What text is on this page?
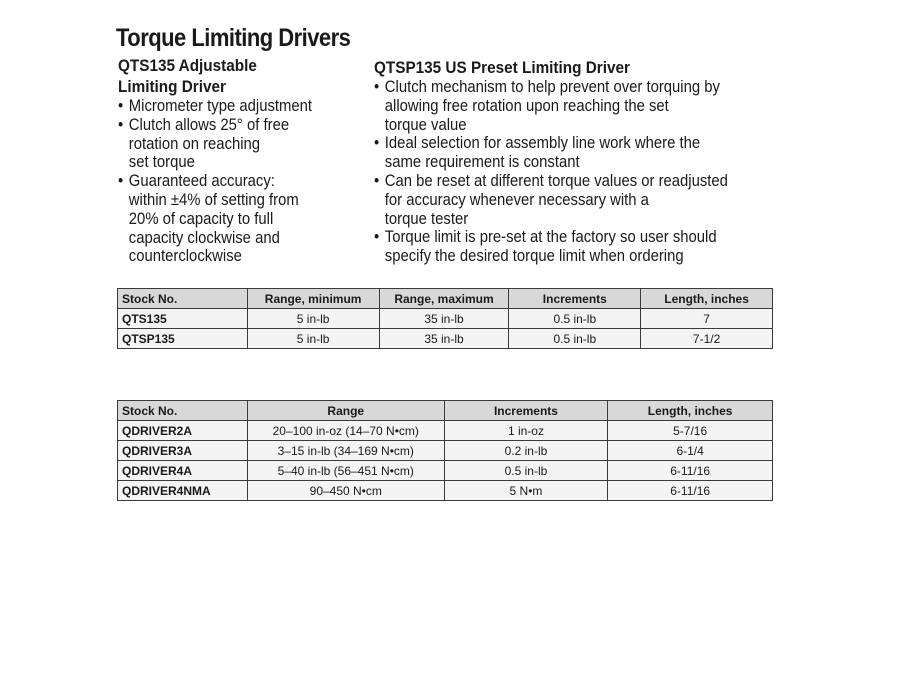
Torque Limiting Drivers
QTS135 Adjustable
Limiting Driver
• Micrometer type adjustment
• Clutch allows 25° of free
rotation on reaching
set torque
• Guaranteed accuracy:
within ±4% of setting from
20% of capacity to full
capacity clockwise and
counterclockwise
QTSP135 US Preset Limiting Driver
• Clutch mechanism to help prevent over torquing by
allowing free rotation upon reaching the set
torque value
• Ideal selection for assembly line work where the
same requirement is constant
• Can be reset at different torque values or readjusted
for accuracy whenever necessary with a
torque tester
• Torque limit is pre-set at the factory so user should
specify the desired torque limit when ordering
Stock No.	Range, minimum	Range, maximum	Increments	Length, inches
QTS135	5 in-lb	35 in-lb	0.5 in-lb	7
QTSP135	5 in-lb	35 in-lb	0.5 in-lb	7-1/2
Stock No.	Range	Increments	Length, inches
QDRIVER2A	20–100 in-oz (14–70 N•cm)	1 in-oz	5-7/16
QDRIVER3A	3–15 in-lb (34–169 N•cm)	0.2 in-lb	6-1/4
QDRIVER4A	5–40 in-lb (56–451 N•cm)	0.5 in-lb	6-11/16
QDRIVER4NMA	90–450 N•cm	5 N•m	6-11/16
